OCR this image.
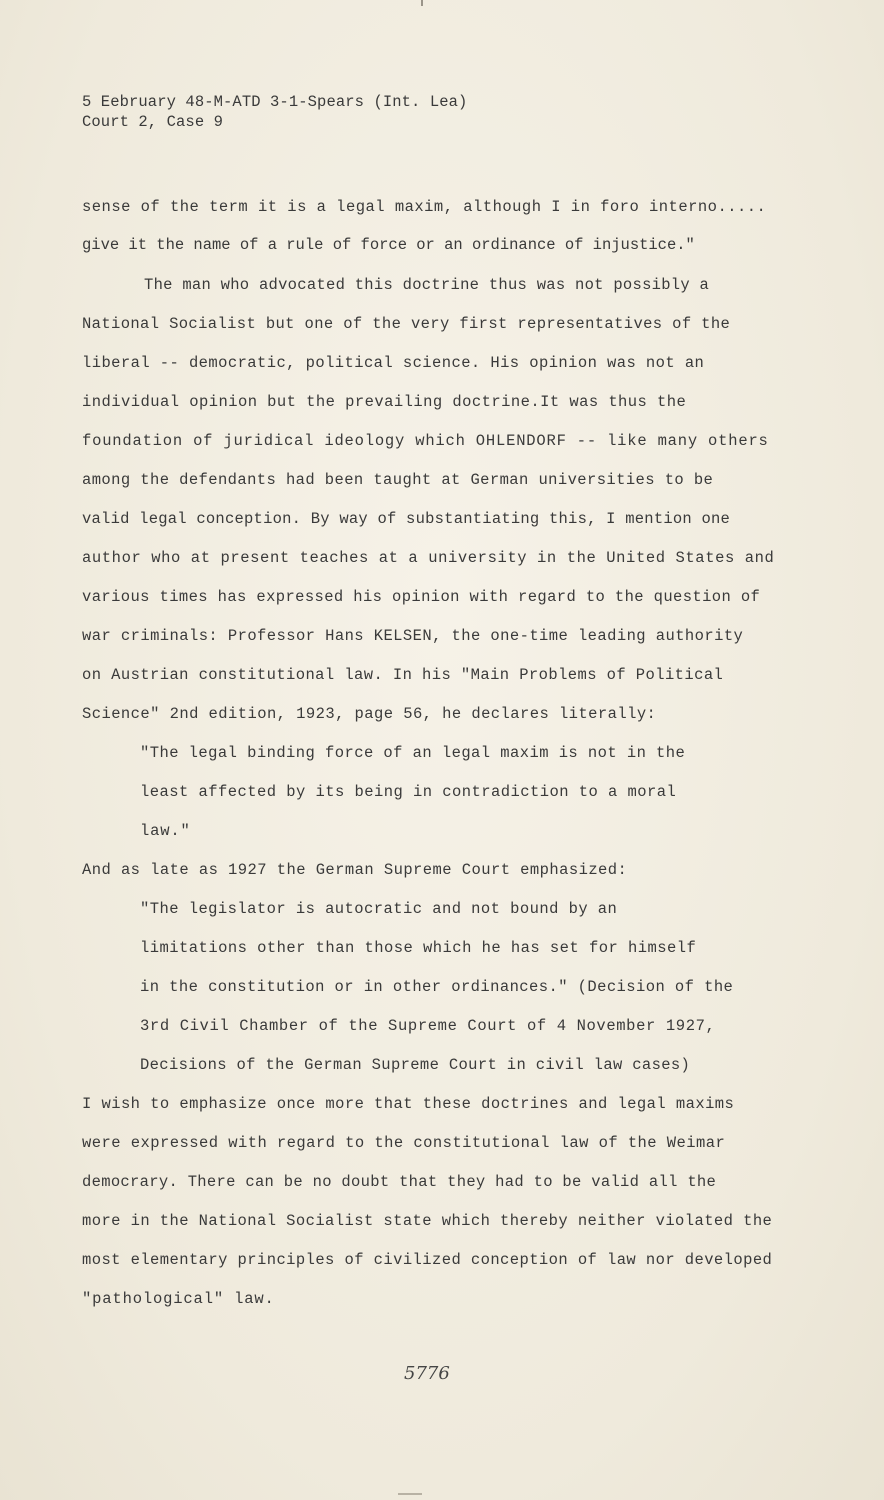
5 Eebruary 48-M-ATD 3-1-Spears (Int. Lea)
Court 2, Case 9
sense of the term it is a legal maxim, although I in foro interno.....
give it the name of a rule of force or an ordinance of injustice."
The man who advocated this doctrine thus was not possibly a
National Socialist but one of the very first representatives of the
liberal -- democratic, political science. His opinion was not an
individual opinion but the prevailing doctrine.It was thus the
foundation of juridical ideology which OHLENDORF -- like many others
among the defendants had been taught at German universities to be
valid legal conception. By way of substantiating this, I mention one
author who at present teaches at a university in the United States and
various times has expressed his opinion with regard to the question of
war criminals: Professor Hans KELSEN, the one-time leading authority
on Austrian constitutional law. In his "Main Problems of Political
Science" 2nd edition, 1923, page 56, he declares literally:
"The legal binding force of an legal maxim is not in the
least affected by its being in contradiction to a moral
law."
And as late as 1927 the German Supreme Court emphasized:
"The legislator is autocratic and not bound by an
limitations other than those which he has set for himself
in the constitution or in other ordinances." (Decision of the
3rd Civil Chamber of the Supreme Court of 4 November 1927,
Decisions of the German Supreme Court in civil law cases)
I wish to emphasize once more that these doctrines and legal maxims
were expressed with regard to the constitutional law of the Weimar
democrary. There can be no doubt that they had to be valid all the
more in the National Socialist state which thereby neither violated the
most elementary principles of civilized conception of law nor developed
"pathological" law.
5776
